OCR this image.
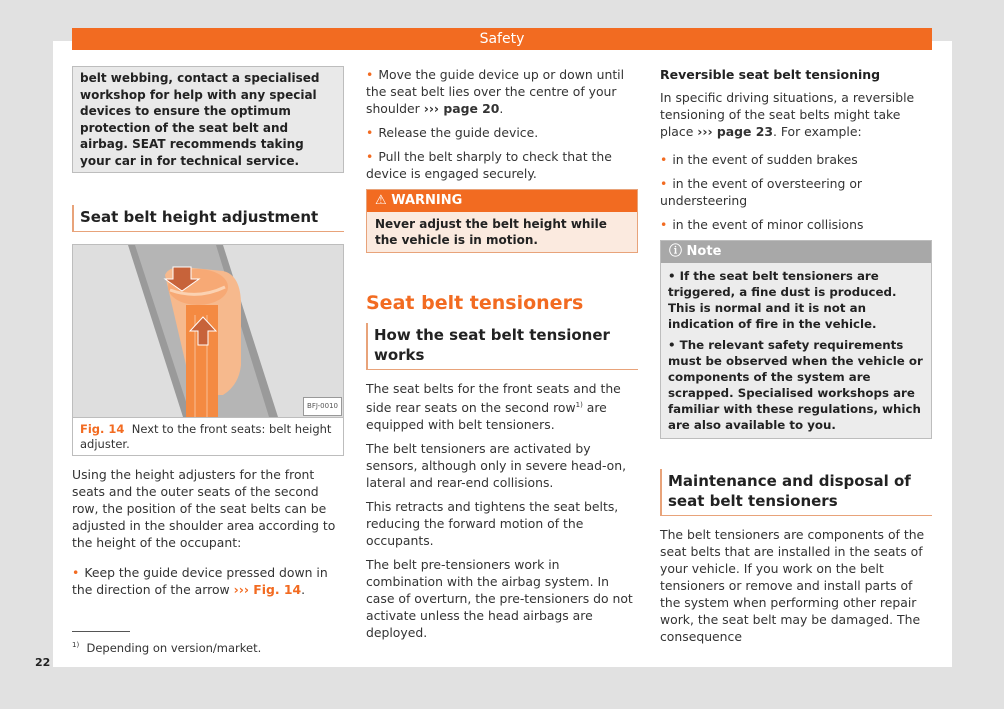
Safety
belt webbing, contact a specialised workshop for help with any special devices to ensure the optimum protection of the seat belt and airbag. SEAT recommends taking your car in for technical service.
Seat belt height adjustment
BFJ-0010
Fig. 14 Next to the front seats: belt height adjuster.

Using the height adjusters for the front seats and the outer seats of the second row, the position of the seat belts can be adjusted in the shoulder area according to the height of the occupant:

• Keep the guide device pressed down in the direction of the arrow ››› Fig. 14.

• Move the guide device up or down until the seat belt lies over the centre of your shoulder ››› page 20.

• Release the guide device.

• Pull the belt sharply to check that the device is engaged securely.

⚠ WARNING
Never adjust the belt height while the vehicle is in motion.
Seat belt tensioners
How the seat belt tensioner works

The seat belts for the front seats and the side rear seats on the second row$^{1)}$ are equipped with belt tensioners.

The belt tensioners are activated by sensors, although only in severe head-on, lateral and rear-end collisions.

This retracts and tightens the seat belts, reducing the forward motion of the occupants.

The belt pre-tensioners work in combination with the airbag system. In case of overturn, the pre-tensioners do not activate unless the head airbags are deployed.

Reversible seat belt tensioning

In specific driving situations, a reversible tensioning of the seat belts might take place ››› page 23. For example:

• in the event of sudden brakes

• in the event of oversteering or understeering

• in the event of minor collisions

ⓘ Note

• If the seat belt tensioners are triggered, a fine dust is produced. This is normal and it is not an indication of fire in the vehicle.

• The relevant safety requirements must be observed when the vehicle or components of the system are scrapped. Specialised workshops are familiar with these regulations, which are also available to you.

Maintenance and disposal of seat belt tensioners

The belt tensioners are components of the seat belts that are installed in the seats of your vehicle. If you work on the belt tensioners or remove and install parts of the system when performing other repair work, the seat belt may be damaged. The consequence

$^{1)}$ Depending on version/market.
22
